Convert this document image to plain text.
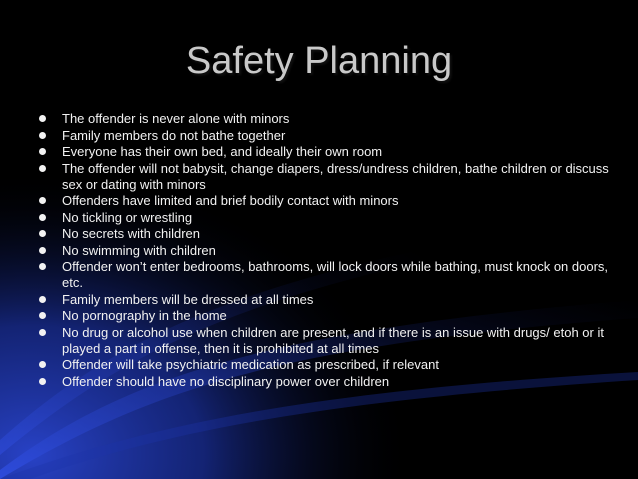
Safety Planning
The offender is never alone with minors
Family members do not bathe together
Everyone has their own bed, and ideally their own room
The offender will not babysit, change diapers, dress/undress children, bathe children or discuss sex or dating with minors
Offenders have limited and brief bodily contact with minors
No tickling or wrestling
No secrets with children
No swimming with children
Offender won’t enter bedrooms, bathrooms, will lock doors while bathing, must knock on doors, etc.
Family members will be dressed at all times
No pornography in the home
No drug or alcohol use when children are present, and if there is an issue with drugs/ etoh or it played a part in offense, then it is prohibited at all times
Offender will take psychiatric medication as prescribed, if relevant
Offender should have no disciplinary power over children
